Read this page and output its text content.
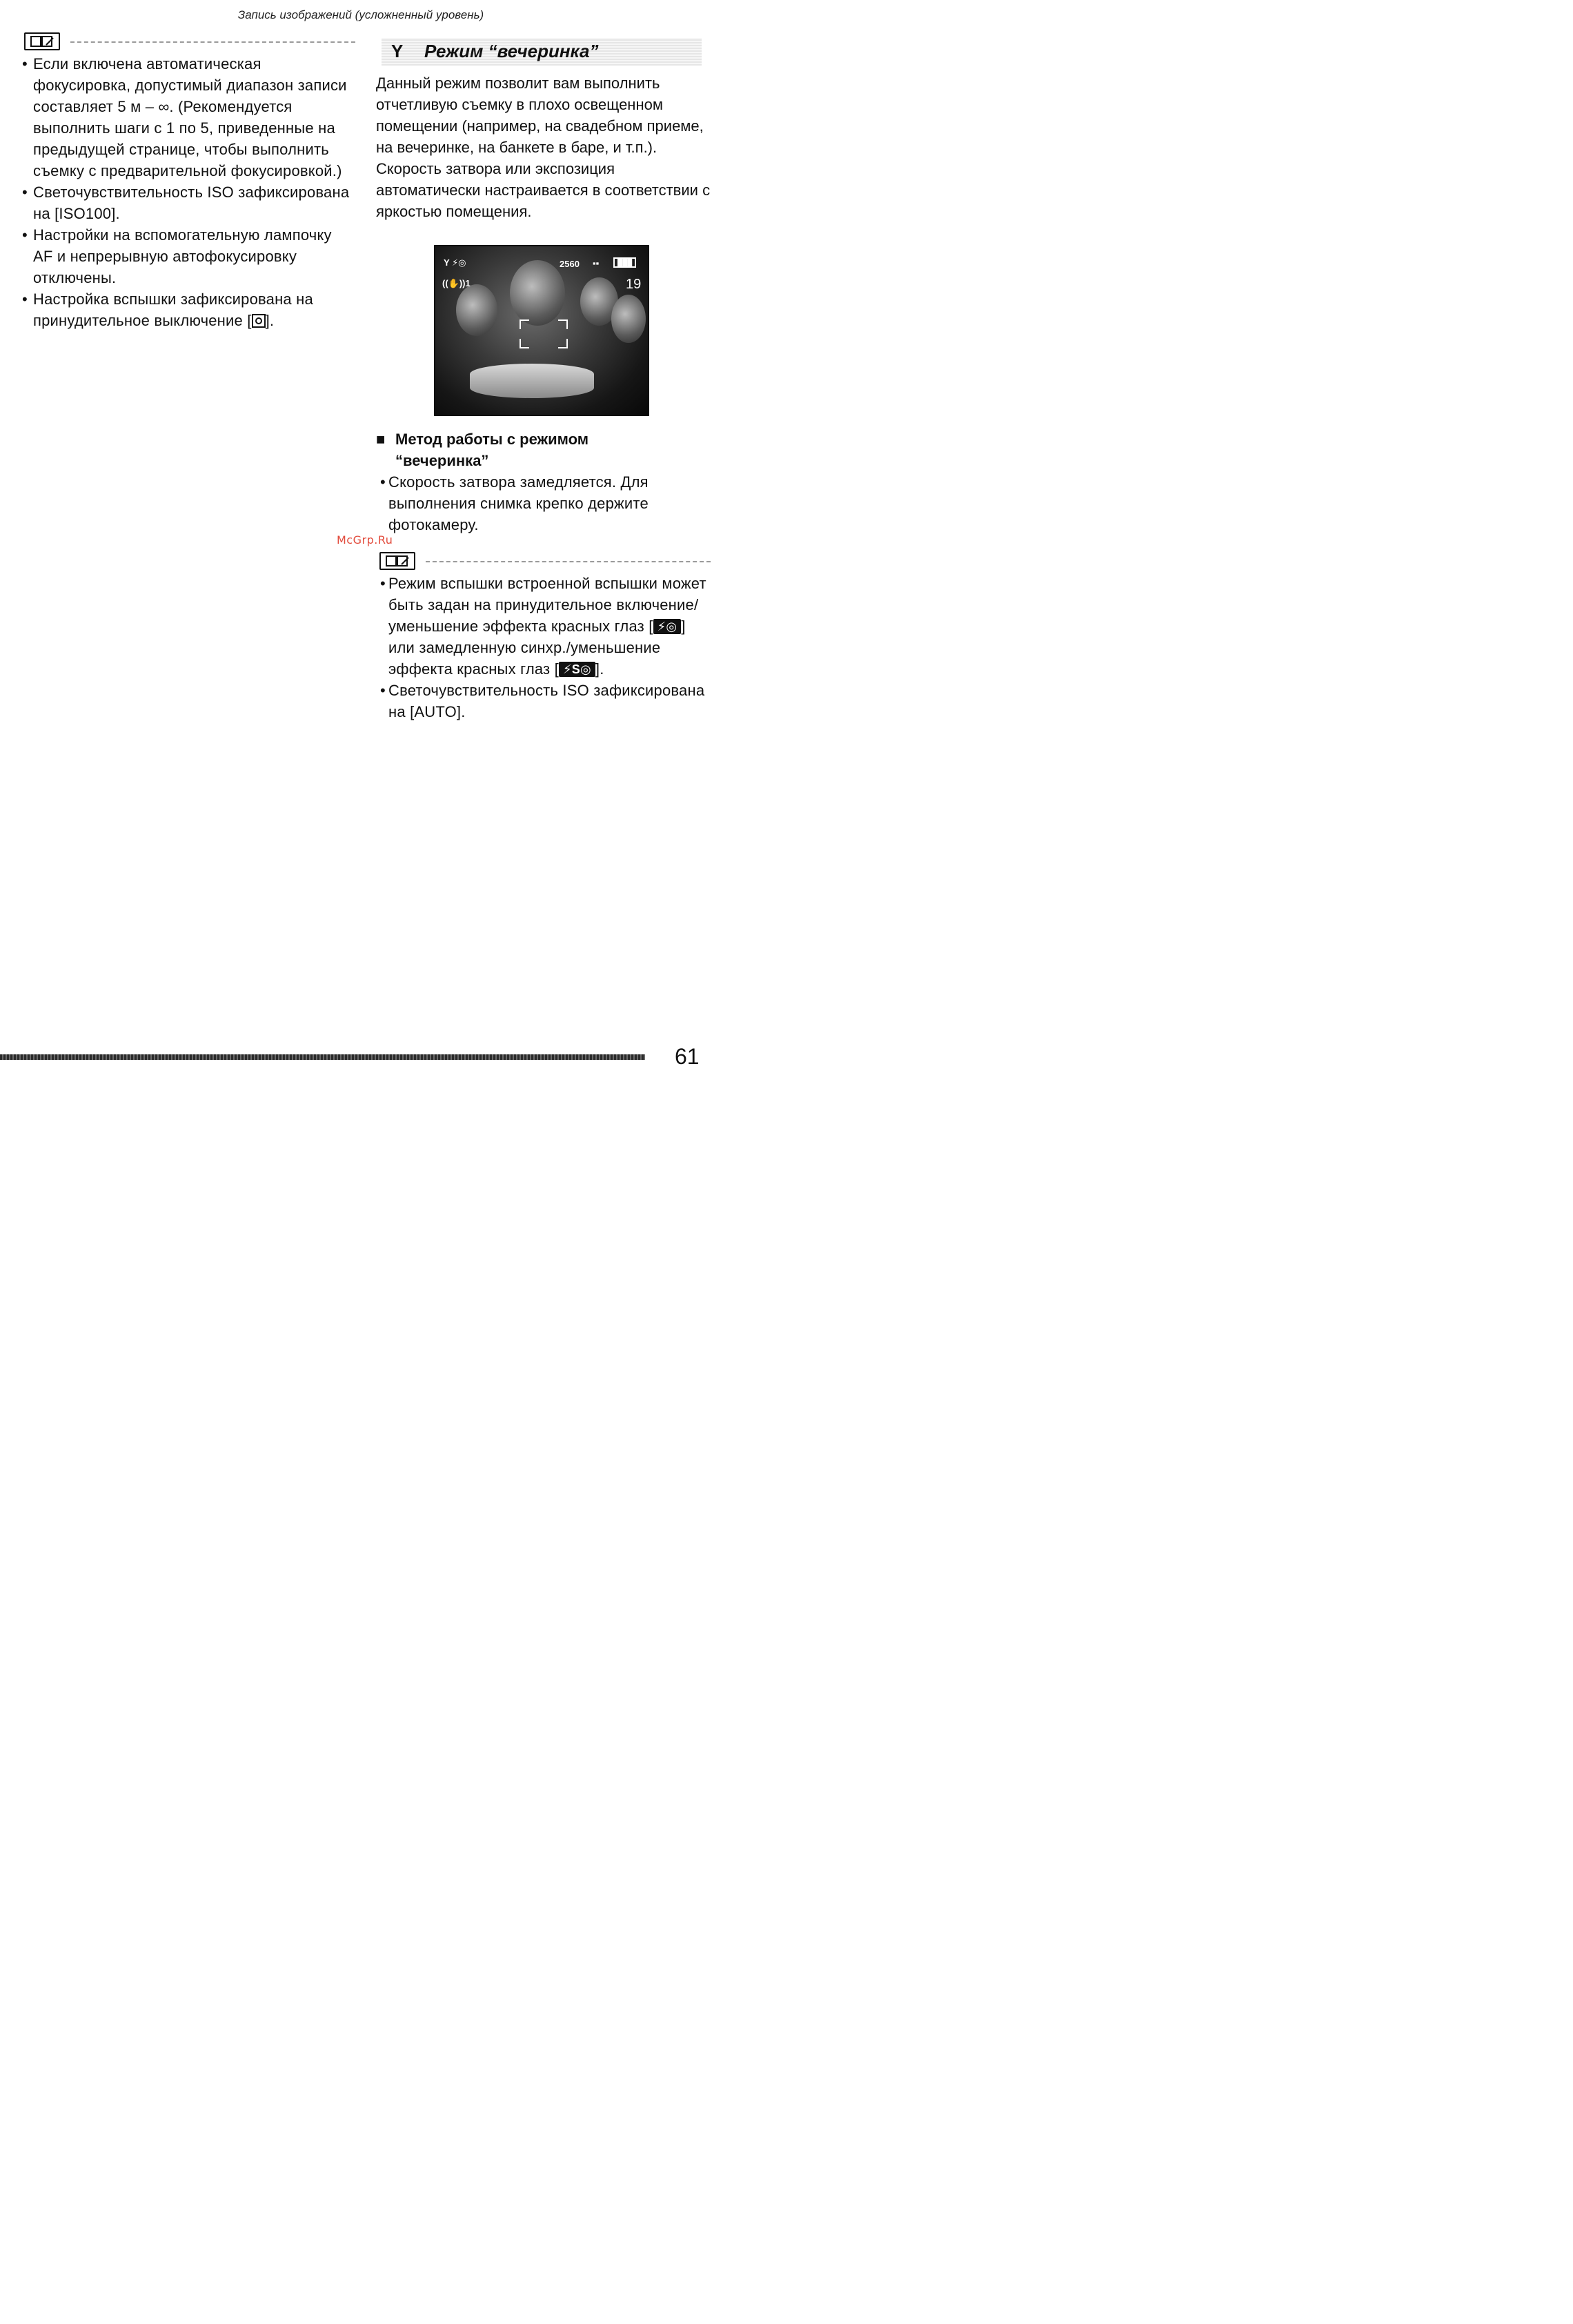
Запись изображений (усложненный уровень)
• Если включена автоматическая фокусировка, допустимый диапазон записи составляет 5 м – ∞. (Рекомендуется выполнить шаги с 1 по 5, приведенные на предыдущей странице, чтобы выполнить съемку с предварительной фокусировкой.)
• Светочувствительность ISO зафиксирована на [ISO100].
• Настройки на вспомогательную лампочку AF и непрерывную автофокусировку отключены.
• Настройка вспышки зафиксирована на принудительное выключение [ ].
Y Режим “вечеринка”

Данный режим позволит вам выполнить отчетливую съемку в плохо освещенном помещении (например, на свадебном приеме, на вечеринке, на банкете в баре, и т.п.).

Скорость затвора или экспозиция автоматически настраивается в соответствии с яркостью помещения.

Y ⚡◎	2560 ▪▪	███
((✋))1	19
■ Метод работы с режимом
“вечеринка”
• Скорость затвора замедляется. Для выполнения снимка крепко держите фотокамеру.
• Режим вспышки встроенной вспышки может быть задан на принудительное включение/уменьшение эффекта красных глаз [ ⚡◎ ] или замедленную синхр./уменьшение эффекта красных глаз [ ⚡S◎ ].
• Светочувствительность ISO зафиксирована на [AUTO].
McGrp.Ru
61
